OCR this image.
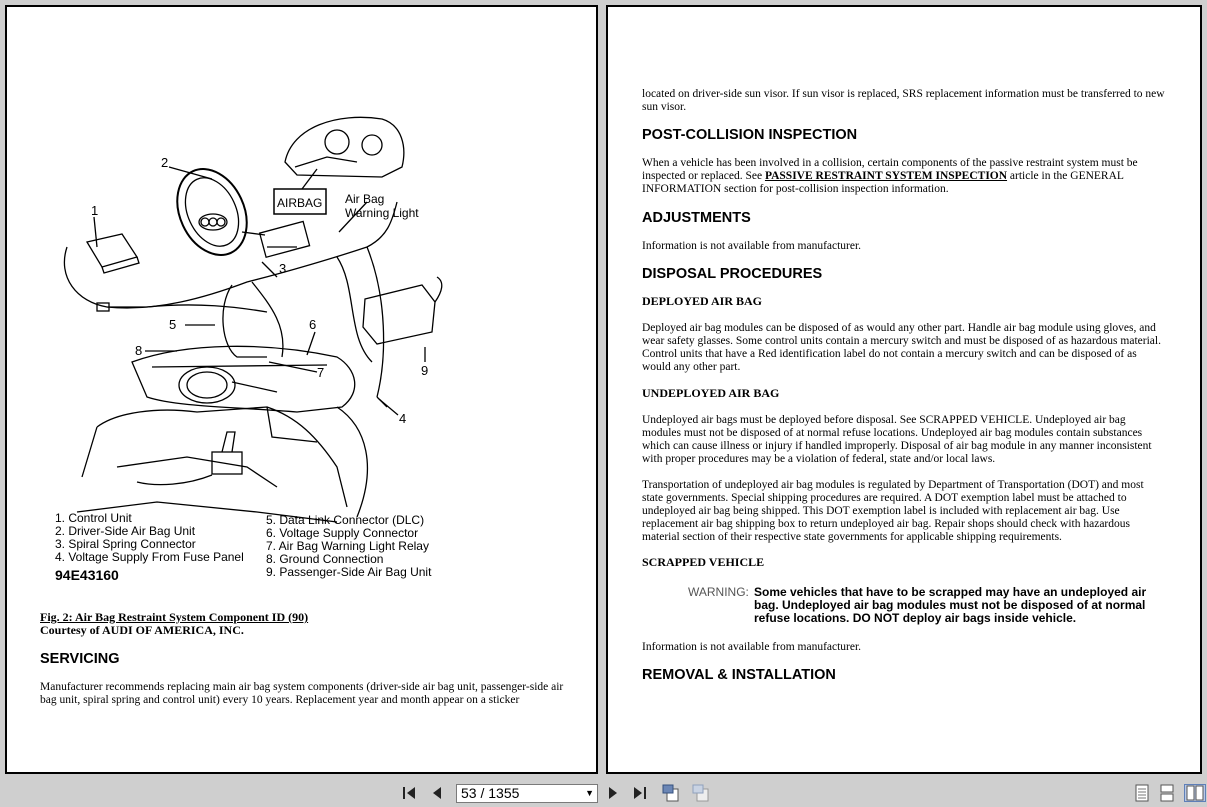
1
2
3
4
5	6
7
8
9
AIRBAG Air Bag
Warning Light
1. Control Unit
2. Driver-Side Air Bag Unit
3. Spiral Spring Connector
4. Voltage Supply From Fuse Panel
5. Data Link Connector (DLC)
6. Voltage Supply Connector
7. Air Bag Warning Light Relay
8. Ground Connection
9. Passenger-Side Air Bag Unit
94E43160

Fig. 2: Air Bag Restraint System Component ID (90)

Courtesy of AUDI OF AMERICA, INC.

SERVICING

Manufacturer recommends replacing main air bag system components (driver-side air bag unit, passenger-side air bag unit, spiral spring and control unit) every 10 years. Replacement year and month appear on a sticker

located on driver-side sun visor. If sun visor is replaced, SRS replacement information must be transferred to new sun visor.

POST-COLLISION INSPECTION

When a vehicle has been involved in a collision, certain components of the passive restraint system must be inspected or replaced. See PASSIVE RESTRAINT SYSTEM INSPECTION article in the GENERAL INFORMATION section for post-collision inspection information.

ADJUSTMENTS

Information is not available from manufacturer.

DISPOSAL PROCEDURES
DEPLOYED AIR BAG

Deployed air bag modules can be disposed of as would any other part. Handle air bag module using gloves, and wear safety glasses. Some control units contain a mercury switch and must be disposed of as hazardous material. Control units that have a Red identification label do not contain a mercury switch and can be disposed of as would any other part.

UNDEPLOYED AIR BAG

Undeployed air bags must be deployed before disposal. See SCRAPPED VEHICLE. Undeployed air bag modules must not be disposed of at normal refuse locations. Undeployed air bag modules contain substances which can cause illness or injury if handled improperly. Disposal of air bag module in any manner inconsistent with proper procedures may be a violation of federal, state and/or local laws.

Transportation of undeployed air bag modules is regulated by Department of Transportation (DOT) and most state governments. Special shipping procedures are required. A DOT exemption label must be attached to undeployed air bag being shipped. This DOT exemption label is included with replacement air bag. Use replacement air bag shipping box to return undeployed air bag. Repair shops should check with hazardous material section of their respective state governments for applicable shipping requirements.

SCRAPPED VEHICLE
WARNING: Some vehicles that have to be scrapped may have an undeployed air bag. Undeployed air bag modules must not be disposed of at normal refuse locations. DO NOT deploy air bags inside vehicle.

Information is not available from manufacturer.

REMOVAL & INSTALLATION
53 / 1355	▼
